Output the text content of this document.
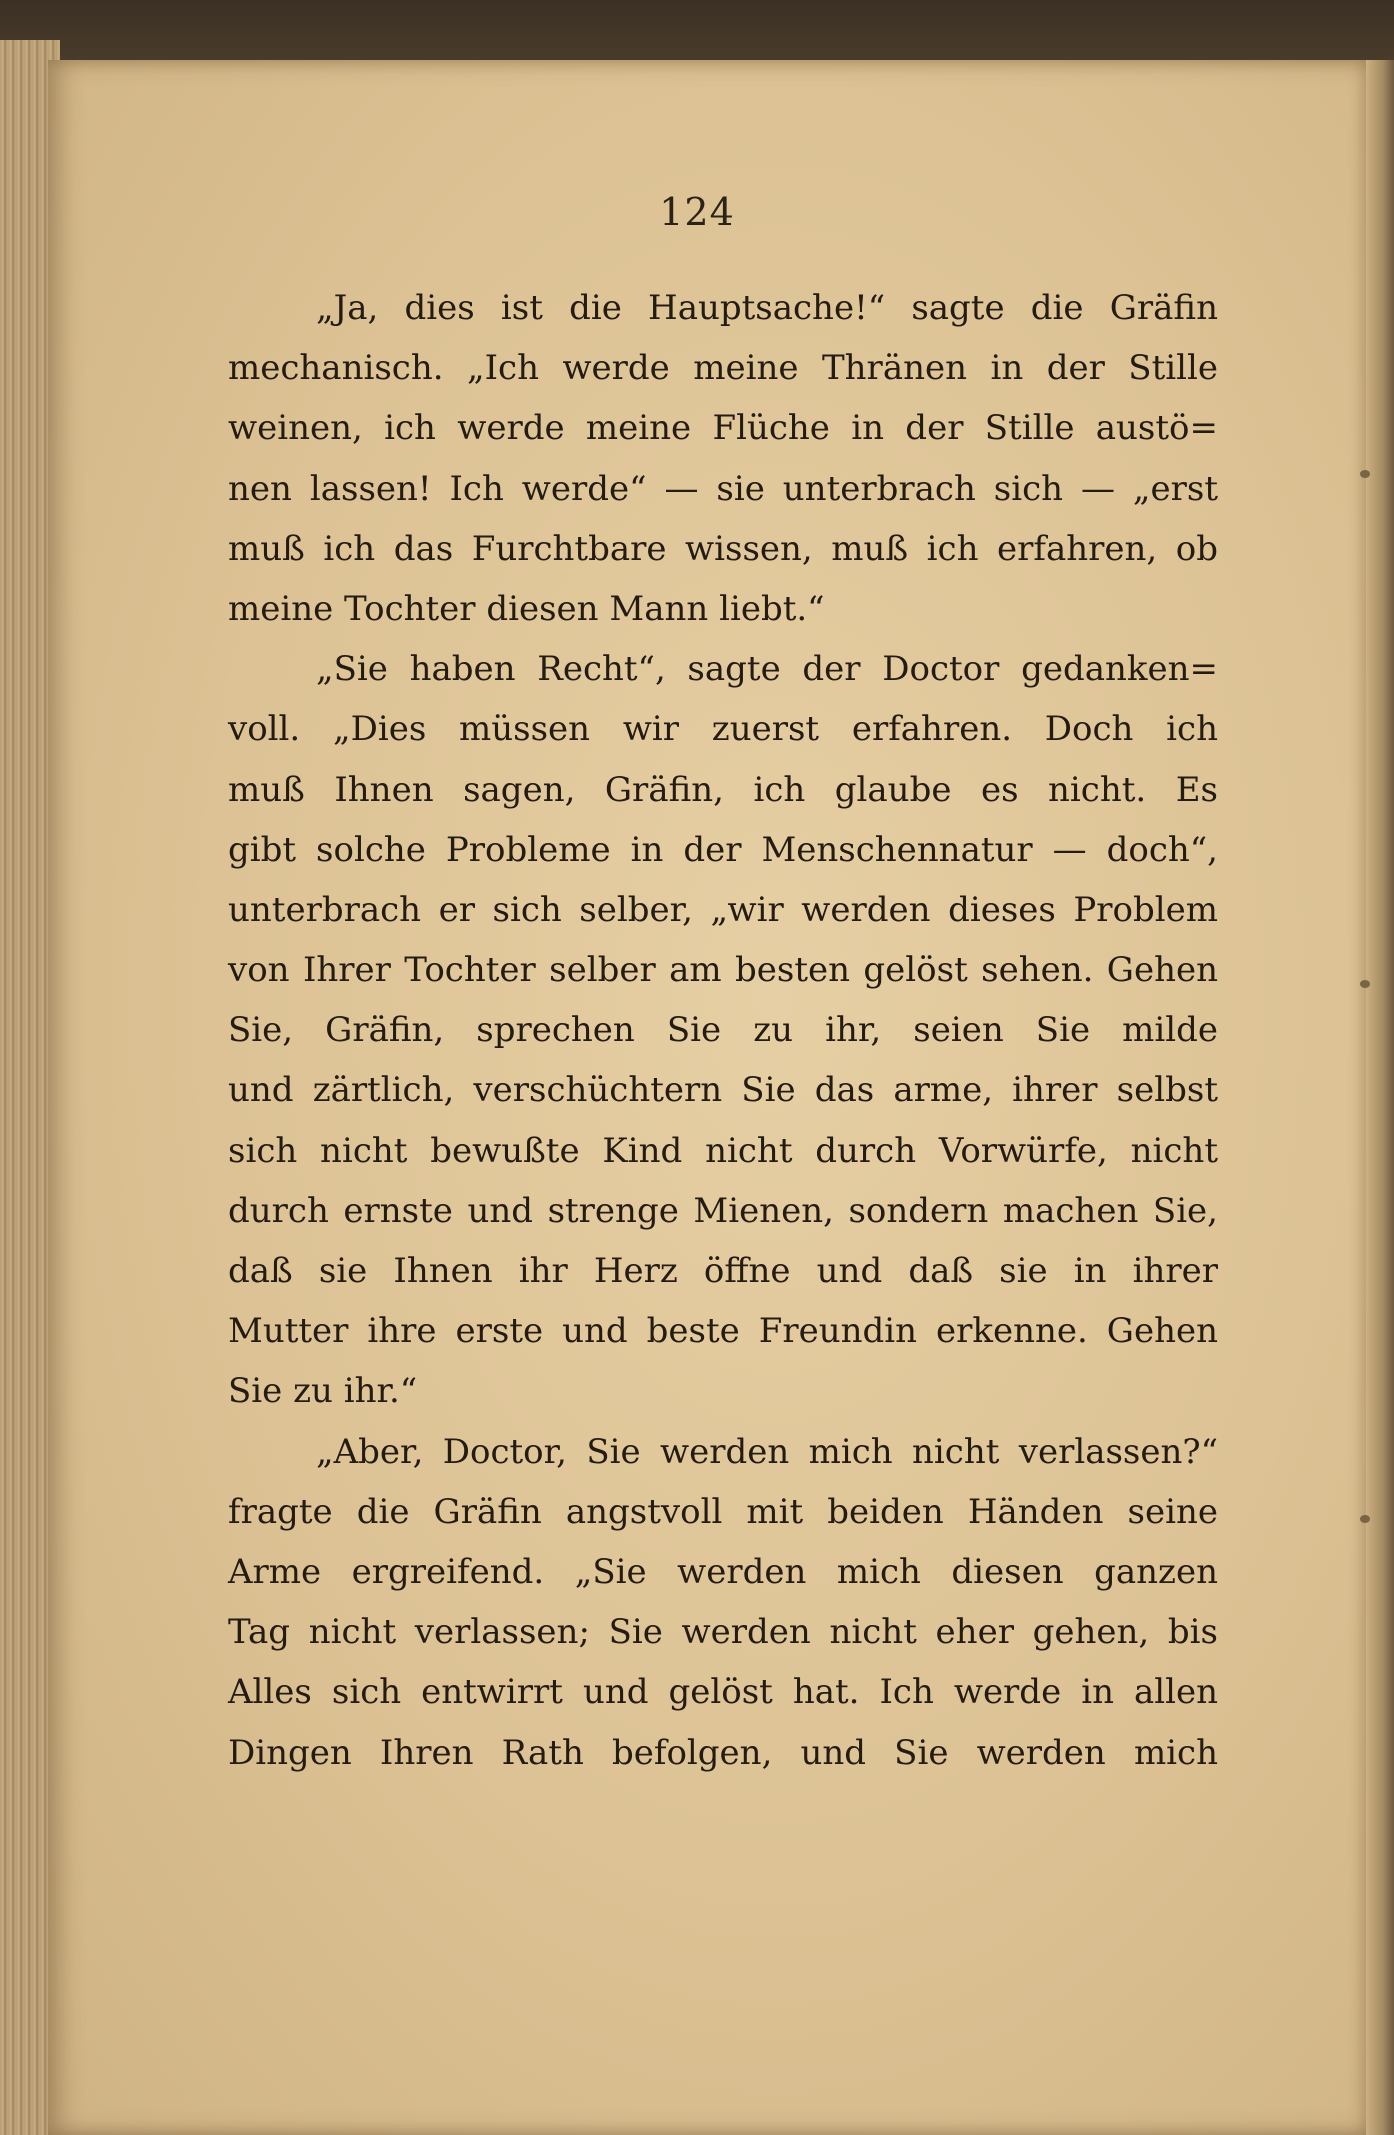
124
„Ja, dies ist die Hauptsache!“ sagte die Gräfin
mechanisch. „Ich werde meine Thränen in der Stille
weinen, ich werde meine Flüche in der Stille austö=
nen lassen! Ich werde“ — sie unterbrach sich — „erst
muß ich das Furchtbare wissen, muß ich erfahren, ob
meine Tochter diesen Mann liebt.“
„Sie haben Recht“, sagte der Doctor gedanken=
voll. „Dies müssen wir zuerst erfahren. Doch ich
muß Ihnen sagen, Gräfin, ich glaube es nicht. Es
gibt solche Probleme in der Menschennatur — doch“,
unterbrach er sich selber, „wir werden dieses Problem
von Ihrer Tochter selber am besten gelöst sehen. Gehen
Sie, Gräfin, sprechen Sie zu ihr, seien Sie milde
und zärtlich, verschüchtern Sie das arme, ihrer selbst
sich nicht bewußte Kind nicht durch Vorwürfe, nicht
durch ernste und strenge Mienen, sondern machen Sie,
daß sie Ihnen ihr Herz öffne und daß sie in ihrer
Mutter ihre erste und beste Freundin erkenne. Gehen
Sie zu ihr.“
„Aber, Doctor, Sie werden mich nicht verlassen?“
fragte die Gräfin angstvoll mit beiden Händen seine
Arme ergreifend. „Sie werden mich diesen ganzen
Tag nicht verlassen; Sie werden nicht eher gehen, bis
Alles sich entwirrt und gelöst hat. Ich werde in allen
Dingen Ihren Rath befolgen, und Sie werden mich
